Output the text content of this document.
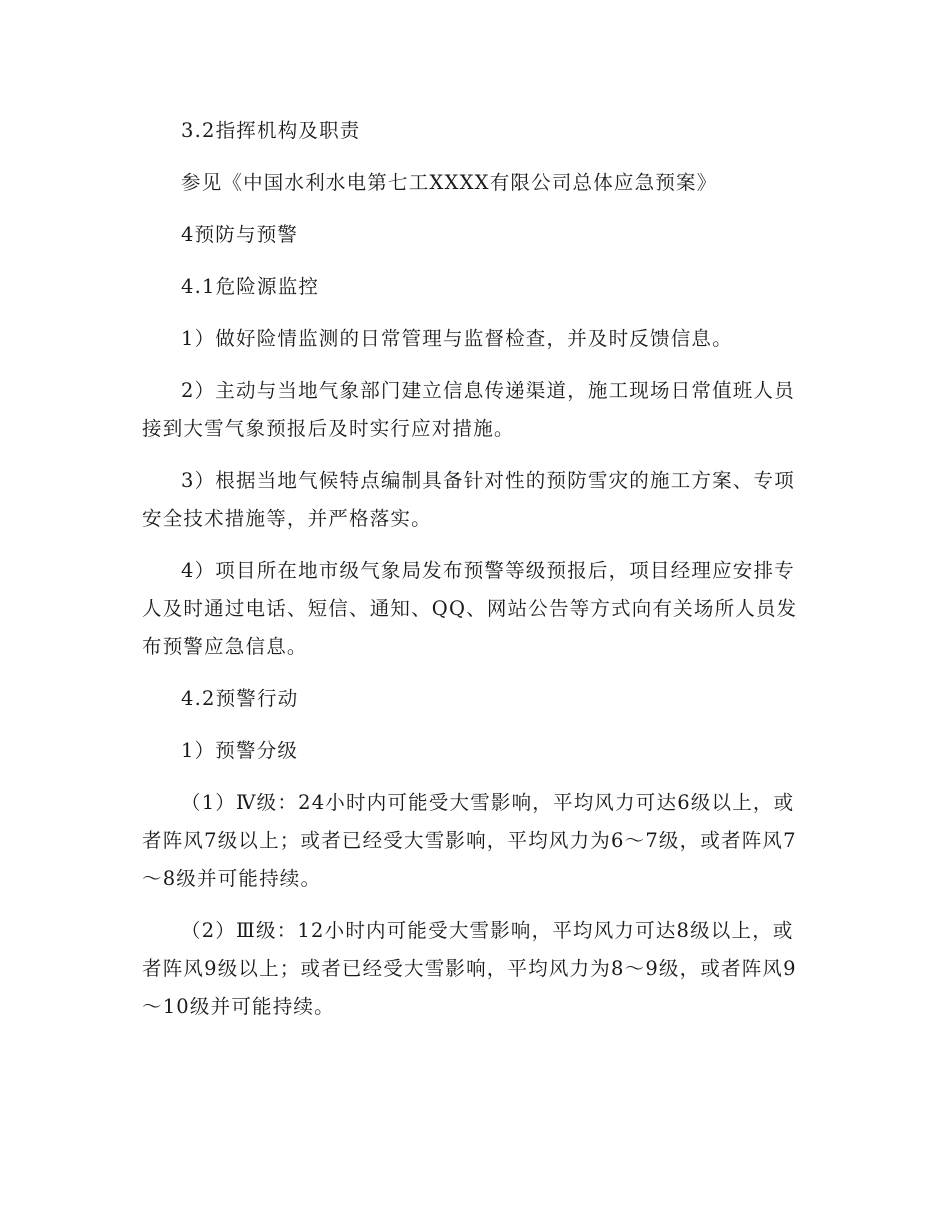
3.2指挥机构及职责

参见《中国水利水电第七工XXXX有限公司总体应急预案》

4预防与预警

4.1危险源监控

1）做好险情监测的日常管理与监督检查，并及时反馈信息。

2）主动与当地气象部门建立信息传递渠道，施工现场日常值班人员接到大雪气象预报后及时实行应对措施。

3）根据当地气候特点编制具备针对性的预防雪灾的施工方案、专项安全技术措施等，并严格落实。

4）项目所在地市级气象局发布预警等级预报后，项目经理应安排专人及时通过电话、短信、通知、QQ、网站公告等方式向有关场所人员发布预警应急信息。

4.2预警行动

1）预警分级

（1）Ⅳ级：24小时内可能受大雪影响，平均风力可达6级以上，或者阵风7级以上；或者已经受大雪影响，平均风力为6～7级，或者阵风7～8级并可能持续。

（2）Ⅲ级：12小时内可能受大雪影响，平均风力可达8级以上，或者阵风9级以上；或者已经受大雪影响，平均风力为8～9级，或者阵风9～10级并可能持续。
